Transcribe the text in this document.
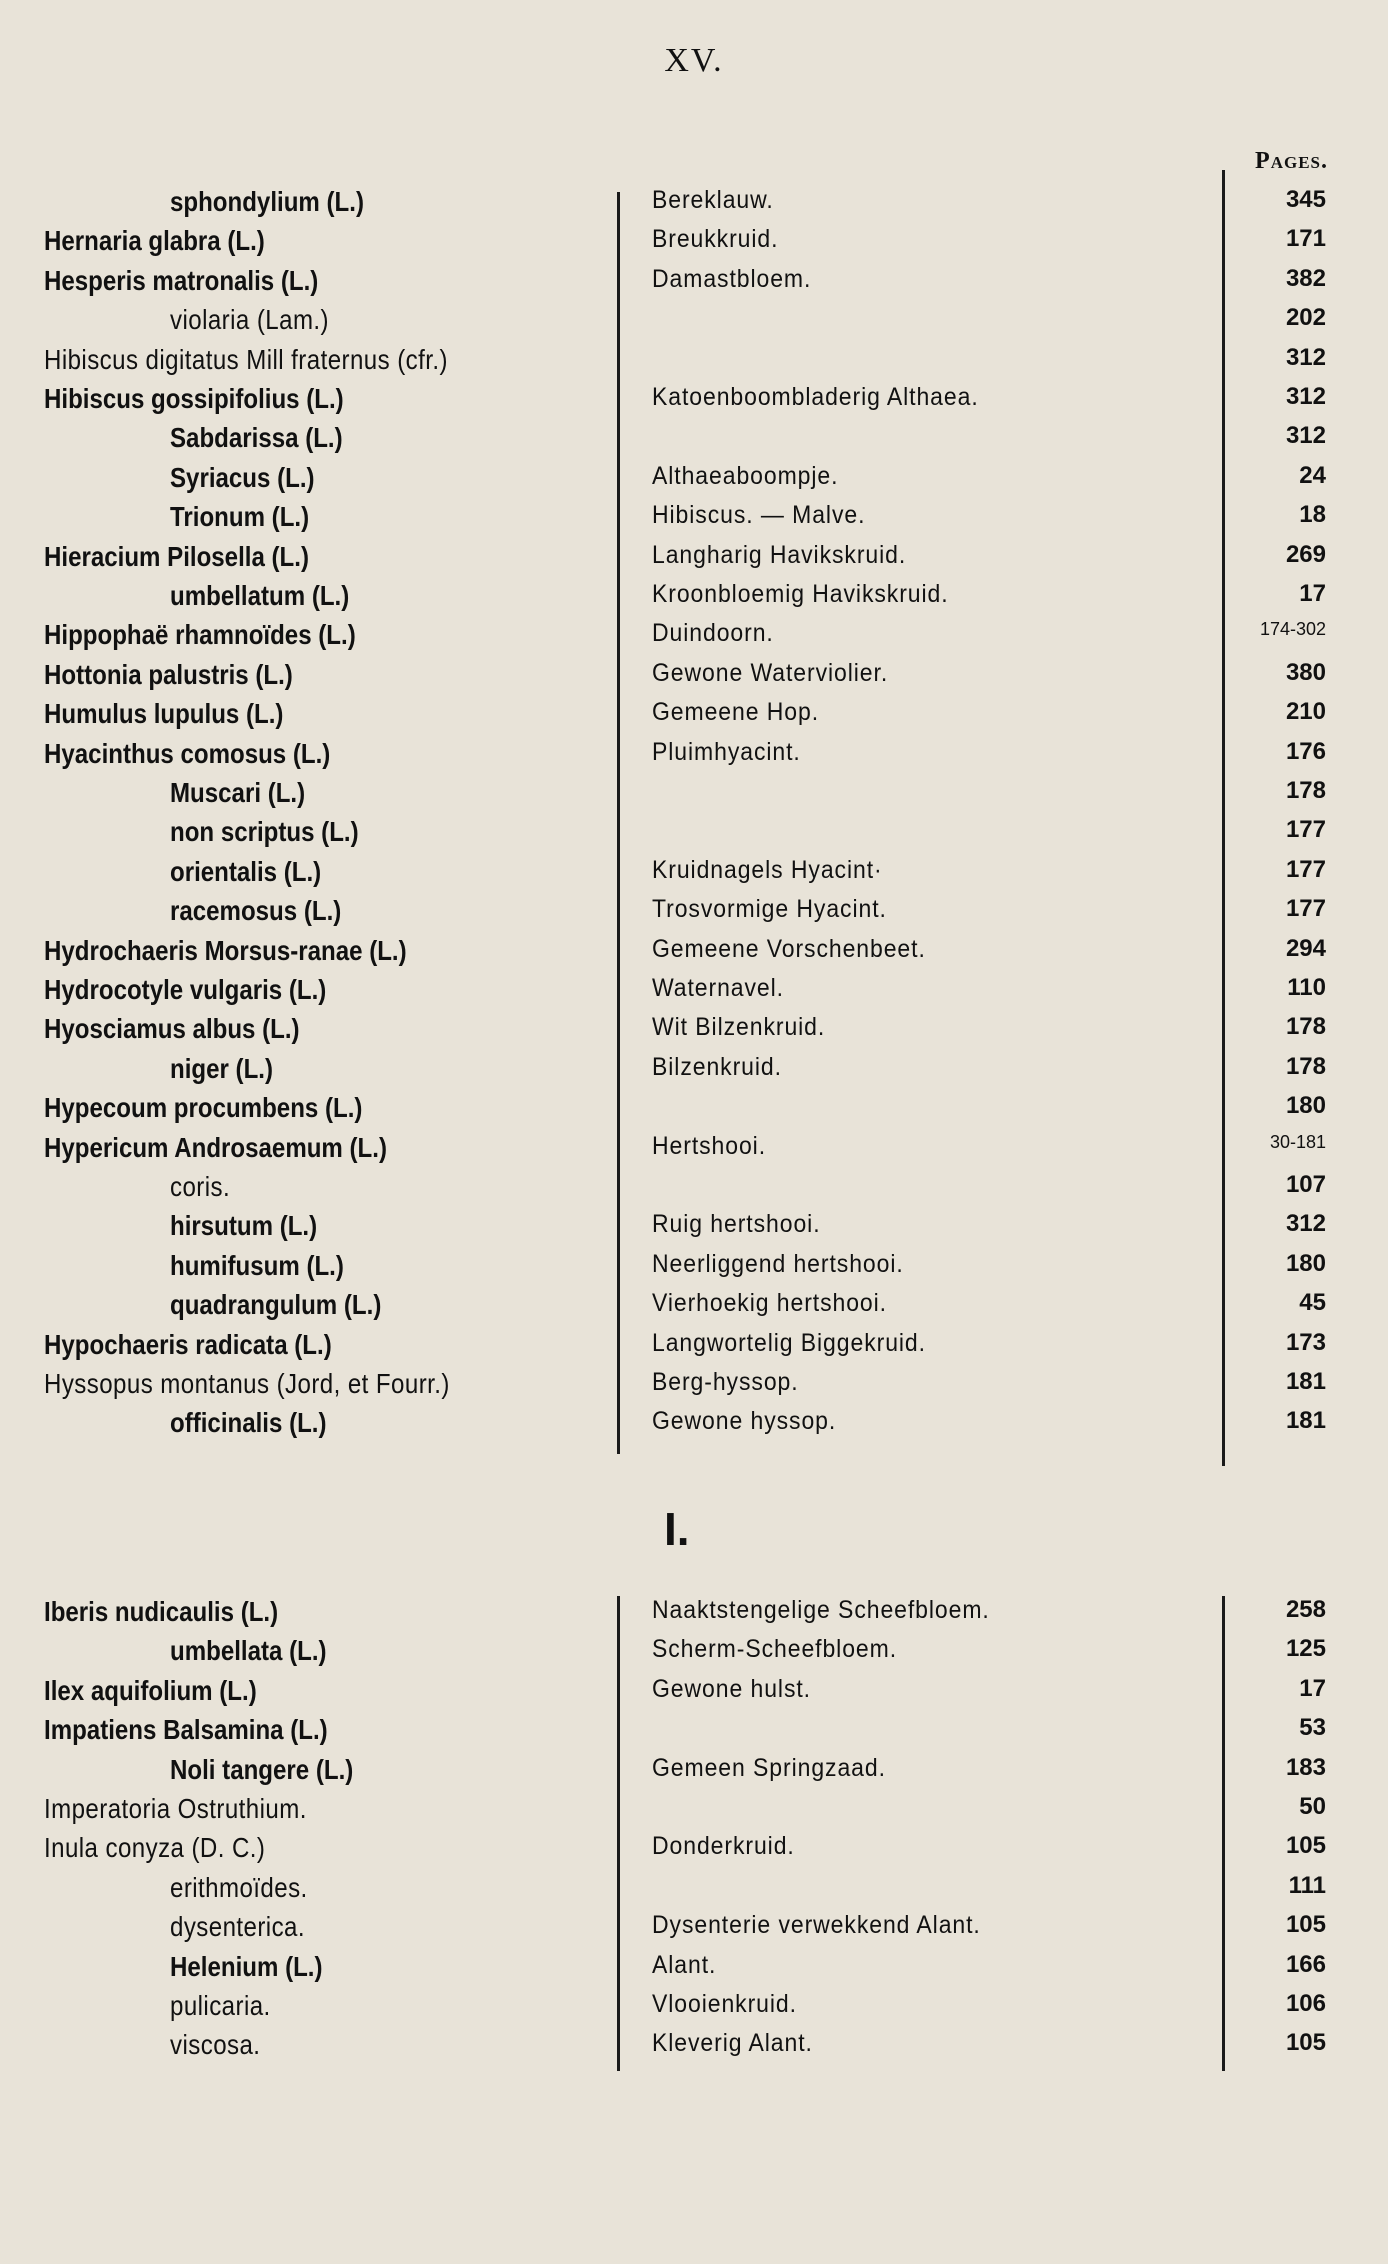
XV.
Pages.
I.
sphondylium (L.)	Bereklauw.	345
Hernaria glabra (L.)	Breukkruid.	171
Hesperis matronalis (L.)	Damastbloem.	382
violaria (Lam.)	202
Hibiscus digitatus Mill fraternus (cfr.)	312
Hibiscus gossipifolius (L.)	Katoenboombladerig Althaea.	312
Sabdarissa (L.)	312
Syriacus (L.)	Althaeaboompje.	24
Trionum (L.)	Hibiscus. — Malve.	18
Hieracium Pilosella (L.)	Langharig Havikskruid.	269
umbellatum (L.)	Kroonbloemig Havikskruid.	17
Hippophaë rhamnoïdes (L.)	Duindoorn.	174-302
Hottonia palustris (L.)	Gewone Waterviolier.	380
Humulus lupulus (L.)	Gemeene Hop.	210
Hyacinthus comosus (L.)	Pluimhyacint.	176
Muscari (L.)	178
non scriptus (L.)	177
orientalis (L.)	Kruidnagels Hyacint·	177
racemosus (L.)	Trosvormige Hyacint.	177
Hydrochaeris Morsus-ranae (L.)	Gemeene Vorschenbeet.	294
Hydrocotyle vulgaris (L.)	Waternavel.	110
Hyosciamus albus (L.)	Wit Bilzenkruid.	178
niger (L.)	Bilzenkruid.	178
Hypecoum procumbens (L.)	180
Hypericum Androsaemum (L.)	Hertshooi.	30-181
coris.	107
hirsutum (L.)	Ruig hertshooi.	312
humifusum (L.)	Neerliggend hertshooi.	180
quadrangulum (L.)	Vierhoekig hertshooi.	45
Hypochaeris radicata (L.)	Langwortelig Biggekruid.	173
Hyssopus montanus (Jord, et Fourr.)	Berg-hyssop.	181
officinalis (L.)	Gewone hyssop.	181
Iberis nudicaulis (L.)	Naaktstengelige Scheefbloem.	258
umbellata (L.)	Scherm-Scheefbloem.	125
Ilex aquifolium (L.)	Gewone hulst.	17
Impatiens Balsamina (L.)	53
Noli tangere (L.)	Gemeen Springzaad.	183
Imperatoria Ostruthium.	50
Inula conyza (D. C.)	Donderkruid.	105
erithmoïdes.	111
dysenterica.	Dysenterie verwekkend Alant.	105
Helenium (L.)	Alant.	166
pulicaria.	Vlooienkruid.	106
viscosa.	Kleverig Alant.	105
